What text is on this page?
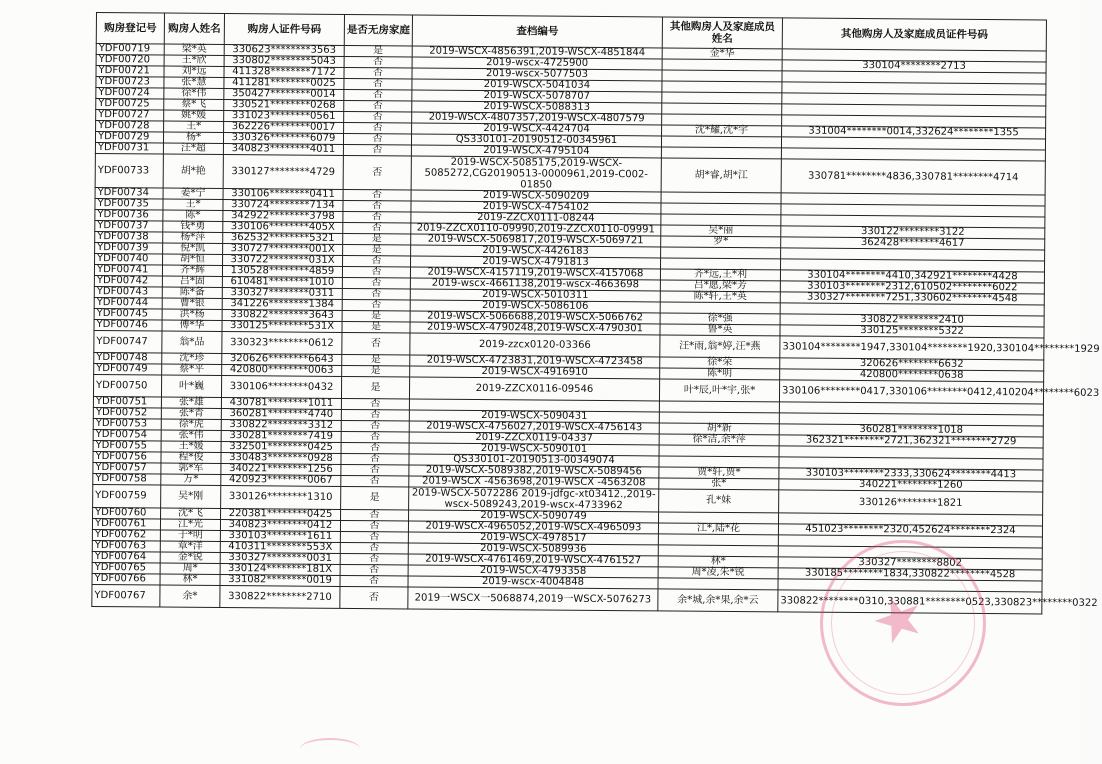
购房登记号	购房人姓名	购房人证件号码	是否无房家庭	查档编号	其他购房人及家庭成员姓名	其他购房人及家庭成员证件号码
YDF00719	梁*英	330623********3563	是	2019-WSCX-4856391,2019-WSCX-4851844	金*华	
YDF00720	王*欣	330802********5043	否	2019-wscx-4725900		330104********2713
YDF00721	刘*远	411328********7172	否	2019-wscx-5077503		
YDF00723	张*慧	411281********0025	否	2019-WSCX-5041034		
YDF00724	徐*伟	350427********0014	否	2019-WSCX-5078707		
YDF00725	蔡*飞	330521********0268	否	2019-WSCX-5088313		
YDF00727	姚*媛	331023********0561	否	2019-WSCX-4807357,2019-WSCX-4807579		
YDF00728	王*	362226********0017	否	2019-WSCX-4424704	沈*耀,沈*宇	331004********0014,332624********1355
YDF00729	杨*	330326********6079	否	QS330101-20190512-00345961		
YDF00731	汪*超	340823********4011	否	2019-WSCX-4795104		
YDF00733	胡*艳	330127********4729	否	2019-WSCX-5085175,2019-WSCX-5085272,CG20190513-0000961,2019-C002-01850	胡*睿,胡*江	330781********4836,330781********4714
YDF00734	姜*宁	330106********0411	否	2019-WSCX-5090209		
YDF00735	王*	330724********7134	否	2019-WSCX-4754102		
YDF00736	陈*	342922********3798	否	2019-ZZCX0111-08244		
YDF00737	钱*勇	330106********405X	否	2019-ZZCX0110-09990,2019-ZZCX0110-09991	吴*丽	330122********3122
YDF00738	杨*萍	362532********5321	是	2019-WSCX-5069817,2019-WSCX-5069721	罗*	362428********4617
YDF00739	倪*凯	330727********001X	是	2019-WSCX-4426183		
YDF00740	胡*恒	330722********031X	否	2019-WSCX-4791813		
YDF00741	齐*辉	130528********4859	否	2019-WSCX-4157119,2019-WSCX-4157068	齐*远,王*利	330104********4410,342921********4428
YDF00742	吕*固	610481********1010	否	2019-wscx-4661138,2019-wscx-4663698	吕*愿,梁*芳	330103********2312,610502********6022
YDF00743	陈*备	330327********0311	否	2019-WSCX-5010311	陈*轩,王*英	330327********7251,330602********4548
YDF00744	曹*银	341226********1384	否	2019-WSCX-5086106		
YDF00745	洪*杨	330822********3643	是	2019-WSCX-5066688,2019-WSCX-5066762	徐*强	330822********2410
YDF00746	傅*华	330125********531X	是	2019-WSCX-4790248,2019-WSCX-4790301	鲁*英	330125********5322
YDF00747	翁*品	330323********0612	否	2019-zzcx0120-03366	汪*雨,翁*婷,汪*燕	330104********1947,330104********1920,330104********1929
YDF00748	沈*珍	320626********6643	是	2019-WSCX-4723831,2019-WSCX-4723458	徐*荣	320626********6632
YDF00749	蔡*平	420800********0063	是	2019-WSCX-4916910	陈*明	420800********0638
YDF00750	叶*巍	330106********0432	是	2019-ZZCX0116-09546	叶*辰,叶*宇,张*	330106********0417,330106********0412,410204********6023
YDF00751	张*雄	430781********1011	否			
YDF00752	张*青	360281********4740	否	2019-WSCX-5090431		
YDF00753	徐*虎	330822********3312	否	2019-WSCX-4756027,2019-WSCX-4756143	胡*新	360281********1018
YDF00754	张*伟	330281********7419	否	2019-ZZCX0119-04337	徐*洁,余*萍	362321********2721,362321********2729
YDF00755	王*媛	332501********0425	否	2019-WSCX-5090101		
YDF00756	程*俊	330483********0928	否	QS330101-20190513-00349074		
YDF00757	郭*军	340221********1256	否	2019-WSCX-5089382,2019-WSCX-5089456	贾*轩,贾*	330103********2333,330624********4413
YDF00758	万*	420923********0067	否	2019-WSCX -4563698,2019-WSCX -4563208	张*	340221********1260
YDF00759	吴*刚	330126********1310	是	2019-WSCX-5072286 2019-jdfgc-xt03412.,2019-wscx-5089243,2019-wscx-4733962	孔*妹	330126********1821
YDF00760	沈*飞	220381********0425	否	2019-WSCX-5090749		
YDF00761	江*光	340823********0412	否	2019-WSCX-4965052,2019-WSCX-4965093	江*,陆*花	451023********2320,452624********2324
YDF00762	于*明	330103********1611	否	2019-WSCX-4978517		
YDF00763	章*洋	410311********553X	否	2019-WSCX-5089936		
YDF00764	金*锐	330327********0031	否	2019-WSCX-4761469,2019-WSCX-4761527	林*	330327********8802
YDF00765	周*	330124********181X	否	2019-WSCX-4793358	周*凌,朱*锐	330185********1834,330822********4528
YDF00766	林*	331082********0019	否	2019-wscx-4004848		
YDF00767	余*	330822********2710	否	2019一WSCX一5068874,2019一WSCX-5076273	余*城,余*果,余*云	330822********0310,330881********0523,330823********0322
★
